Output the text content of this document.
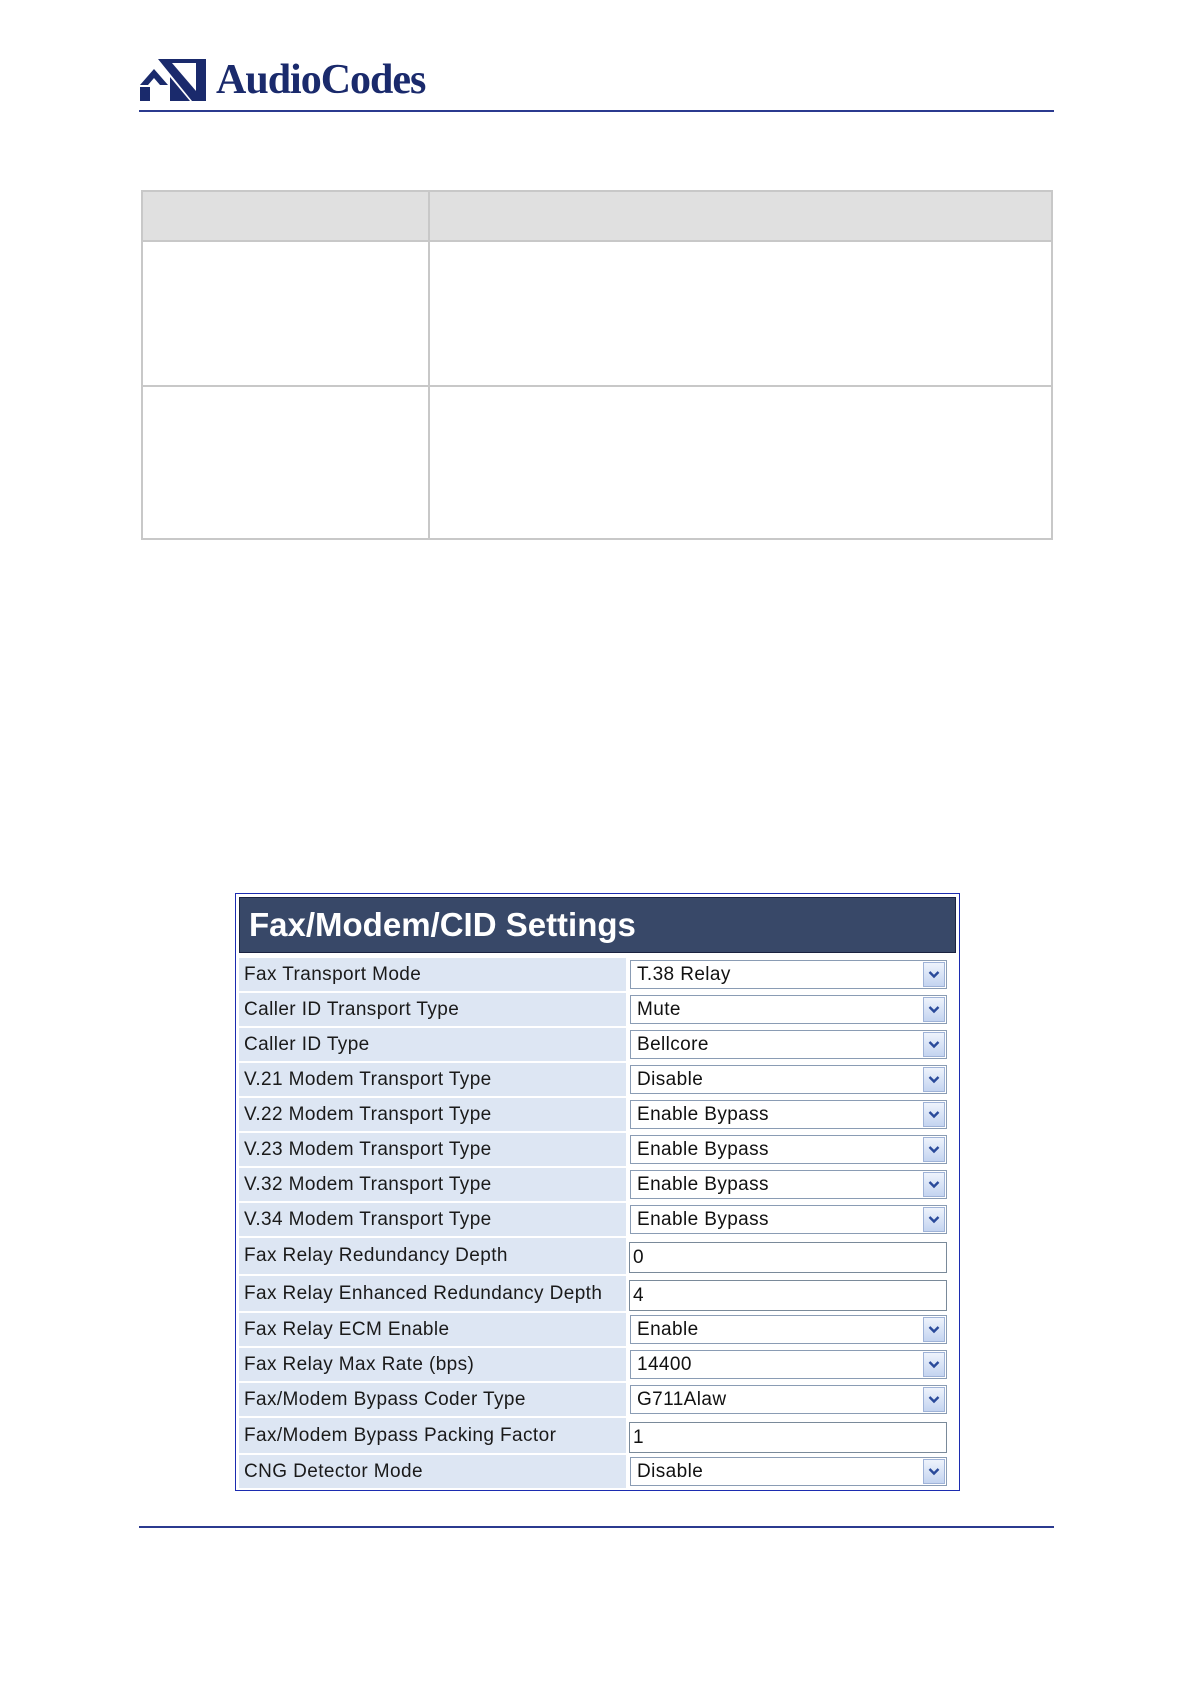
AudioCodes
Fax/Modem/CID Settings
Fax Transport Mode	T.38 Relay
Caller ID Transport Type	Mute
Caller ID Type	Bellcore
V.21 Modem Transport Type	Disable
V.22 Modem Transport Type	Enable Bypass
V.23 Modem Transport Type	Enable Bypass
V.32 Modem Transport Type	Enable Bypass
V.34 Modem Transport Type	Enable Bypass
Fax Relay Redundancy Depth	0
Fax Relay Enhanced Redundancy Depth	4
Fax Relay ECM Enable	Enable
Fax Relay Max Rate (bps)	14400
Fax/Modem Bypass Coder Type	G711Alaw
Fax/Modem Bypass Packing Factor	1
CNG Detector Mode	Disable
